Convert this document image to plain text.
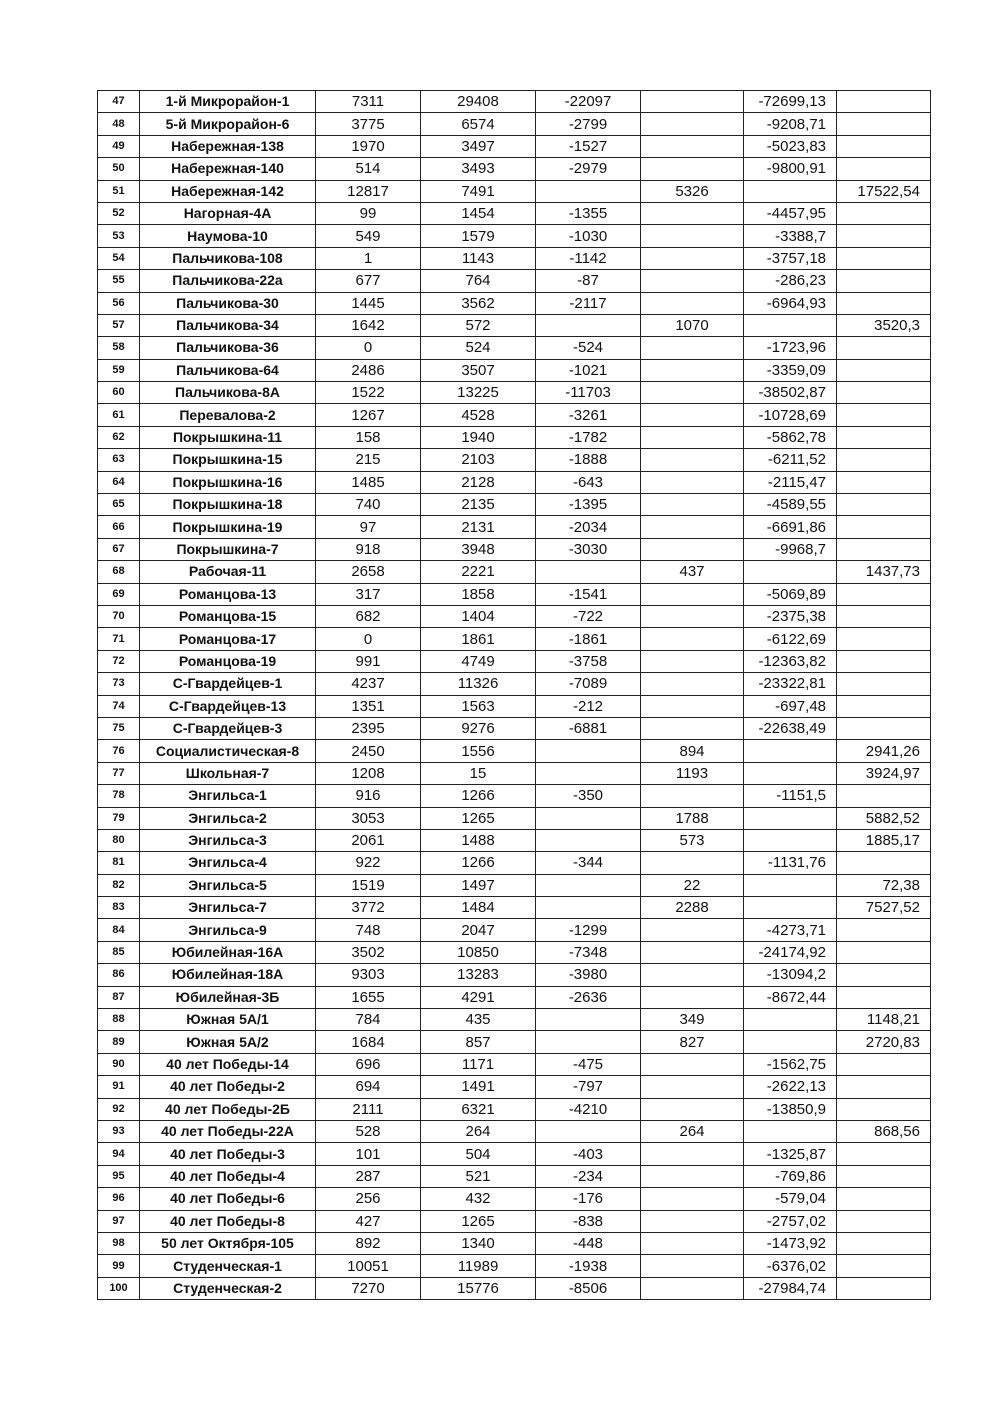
47	1-й Микрорайон-1	7311	29408	-22097		-72699,13	
48	5-й Микрорайон-6	3775	6574	-2799		-9208,71	
49	Набережная-138	1970	3497	-1527		-5023,83	
50	Набережная-140	514	3493	-2979		-9800,91	
51	Набережная-142	12817	7491		5326		17522,54
52	Нагорная-4А	99	1454	-1355		-4457,95	
53	Наумова-10	549	1579	-1030		-3388,7	
54	Пальчикова-108	1	1143	-1142		-3757,18	
55	Пальчикова-22а	677	764	-87		-286,23	
56	Пальчикова-30	1445	3562	-2117		-6964,93	
57	Пальчикова-34	1642	572		1070		3520,3
58	Пальчикова-36	0	524	-524		-1723,96	
59	Пальчикова-64	2486	3507	-1021		-3359,09	
60	Пальчикова-8А	1522	13225	-11703		-38502,87	
61	Перевалова-2	1267	4528	-3261		-10728,69	
62	Покрышкина-11	158	1940	-1782		-5862,78	
63	Покрышкина-15	215	2103	-1888		-6211,52	
64	Покрышкина-16	1485	2128	-643		-2115,47	
65	Покрышкина-18	740	2135	-1395		-4589,55	
66	Покрышкина-19	97	2131	-2034		-6691,86	
67	Покрышкина-7	918	3948	-3030		-9968,7	
68	Рабочая-11	2658	2221		437		1437,73
69	Романцова-13	317	1858	-1541		-5069,89	
70	Романцова-15	682	1404	-722		-2375,38	
71	Романцова-17	0	1861	-1861		-6122,69	
72	Романцова-19	991	4749	-3758		-12363,82	
73	С-Гвардейцев-1	4237	11326	-7089		-23322,81	
74	С-Гвардейцев-13	1351	1563	-212		-697,48	
75	С-Гвардейцев-3	2395	9276	-6881		-22638,49	
76	Социалистическая-8	2450	1556		894		2941,26
77	Школьная-7	1208	15		1193		3924,97
78	Энгильса-1	916	1266	-350		-1151,5	
79	Энгильса-2	3053	1265		1788		5882,52
80	Энгильса-3	2061	1488		573		1885,17
81	Энгильса-4	922	1266	-344		-1131,76	
82	Энгильса-5	1519	1497		22		72,38
83	Энгильса-7	3772	1484		2288		7527,52
84	Энгильса-9	748	2047	-1299		-4273,71	
85	Юбилейная-16А	3502	10850	-7348		-24174,92	
86	Юбилейная-18А	9303	13283	-3980		-13094,2	
87	Юбилейная-3Б	1655	4291	-2636		-8672,44	
88	Южная 5А/1	784	435		349		1148,21
89	Южная 5А/2	1684	857		827		2720,83
90	40 лет Победы-14	696	1171	-475		-1562,75	
91	40 лет Победы-2	694	1491	-797		-2622,13	
92	40 лет Победы-2Б	2111	6321	-4210		-13850,9	
93	40 лет Победы-22А	528	264		264		868,56
94	40 лет Победы-3	101	504	-403		-1325,87	
95	40 лет Победы-4	287	521	-234		-769,86	
96	40 лет Победы-6	256	432	-176		-579,04	
97	40 лет Победы-8	427	1265	-838		-2757,02	
98	50 лет Октября-105	892	1340	-448		-1473,92	
99	Студенческая-1	10051	11989	-1938		-6376,02	
100	Студенческая-2	7270	15776	-8506		-27984,74	
